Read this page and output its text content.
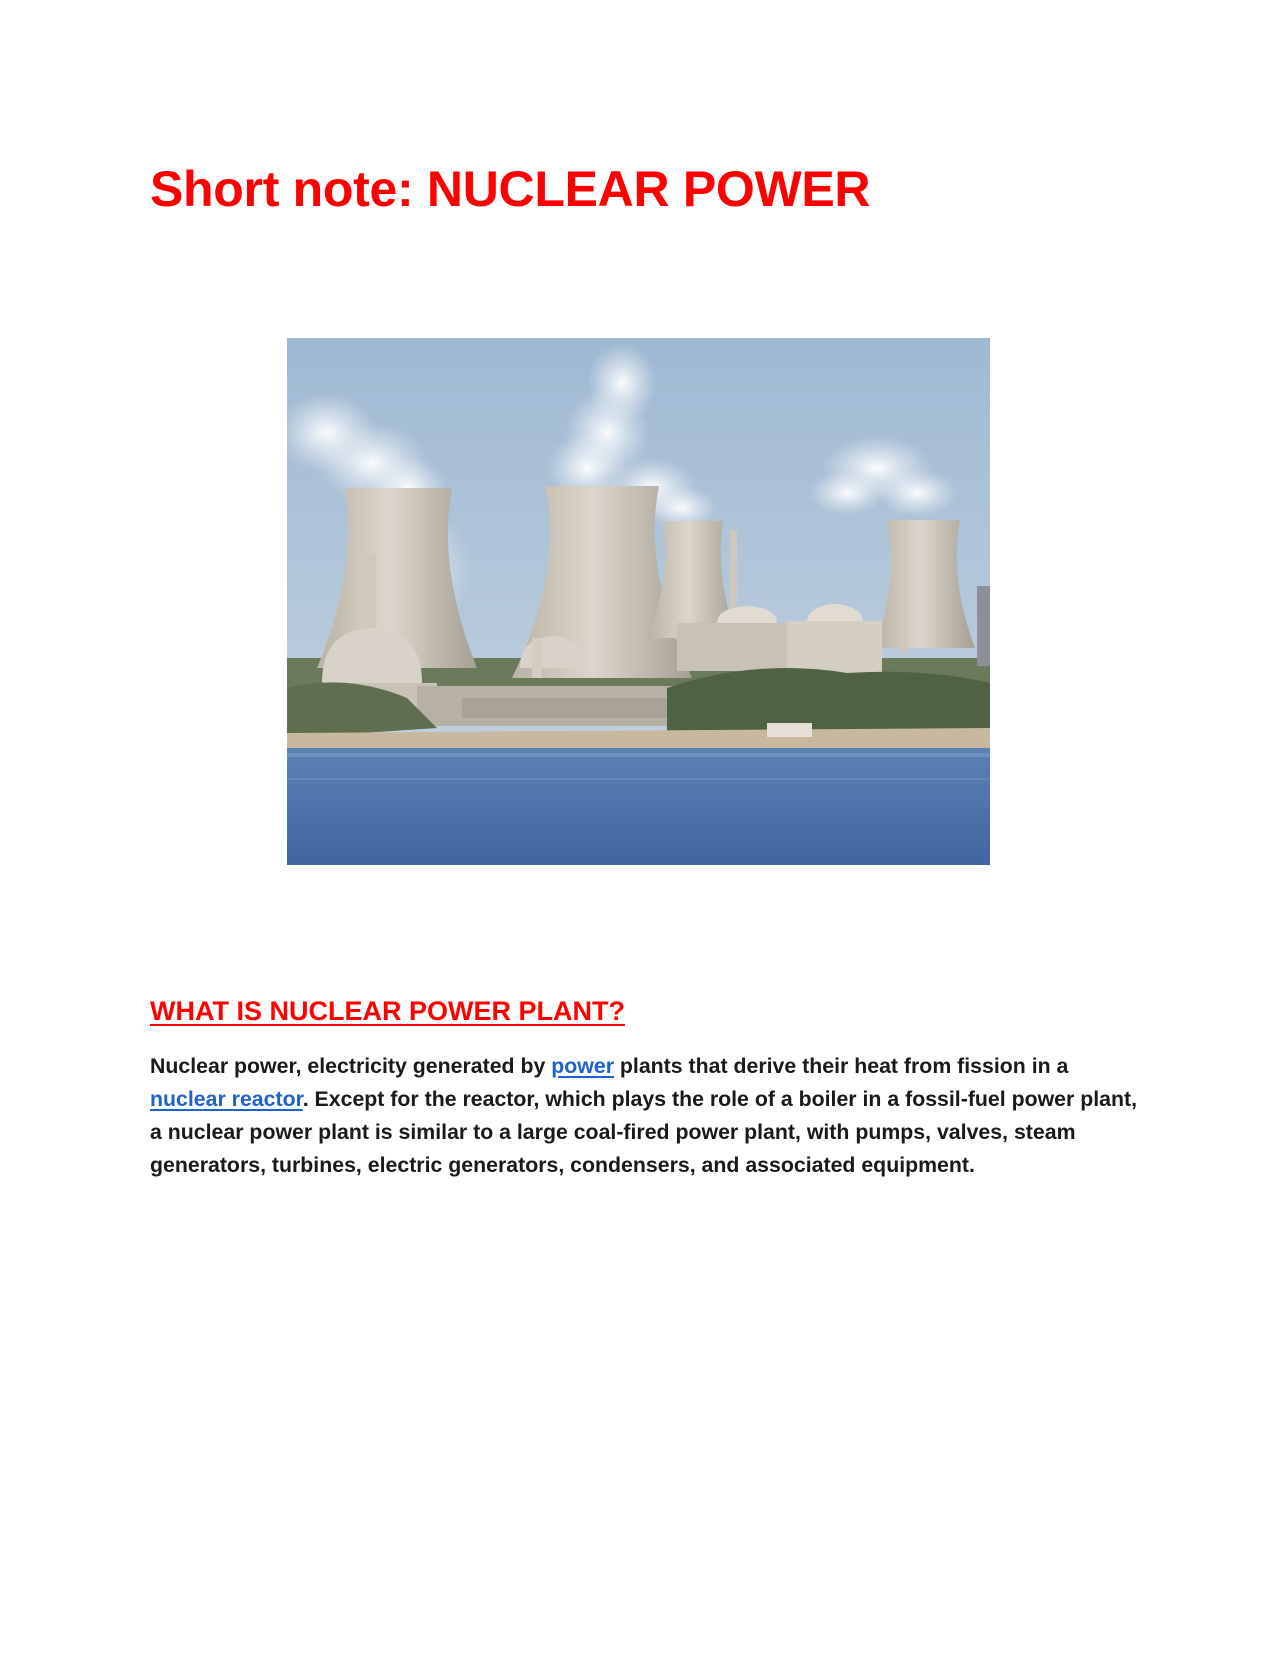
Short note: NUCLEAR POWER
WHAT IS NUCLEAR POWER PLANT?

Nuclear power, electricity generated by power plants that derive their heat from fission in a nuclear reactor. Except for the reactor, which plays the role of a boiler in a fossil-fuel power plant, a nuclear power plant is similar to a large coal-fired power plant, with pumps, valves, steam generators, turbines, electric generators, condensers, and associated equipment.
